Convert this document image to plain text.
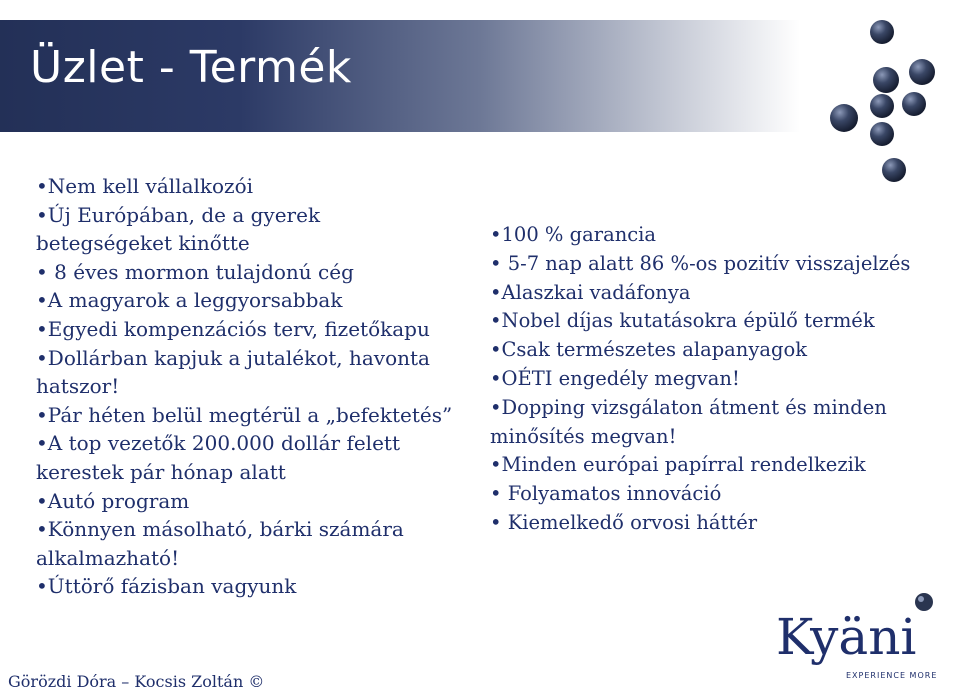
Üzlet - Termék
•Nem kell vállalkozói
•Új Európában, de a gyerek betegségeket kinőtte
• 8 éves mormon tulajdonú cég
•A magyarok a leggyorsabbak
•Egyedi kompenzációs terv, fizetőkapu
•Dollárban kapjuk a jutalékot, havonta hatszor!
•Pár héten belül megtérül a „befektetés”
•A top vezetők 200.000 dollár felett kerestek pár hónap alatt
•Autó program
•Könnyen másolható, bárki számára alkalmazható!
•Úttörő fázisban vagyunk
•100 % garancia
• 5-7 nap alatt 86 %-os pozitív visszajelzés
•Alaszkai vadáfonya
•Nobel díjas kutatásokra épülő termék
•Csak természetes alapanyagok
•OÉTI engedély megvan!
•Dopping vizsgálaton átment és minden minősítés megvan!
•Minden európai papírral rendelkezik
• Folyamatos innováció
• Kiemelkedő orvosi háttér
Görözdi Dóra – Kocsis Zoltán ©
Kyäni
EXPERIENCE MORE
